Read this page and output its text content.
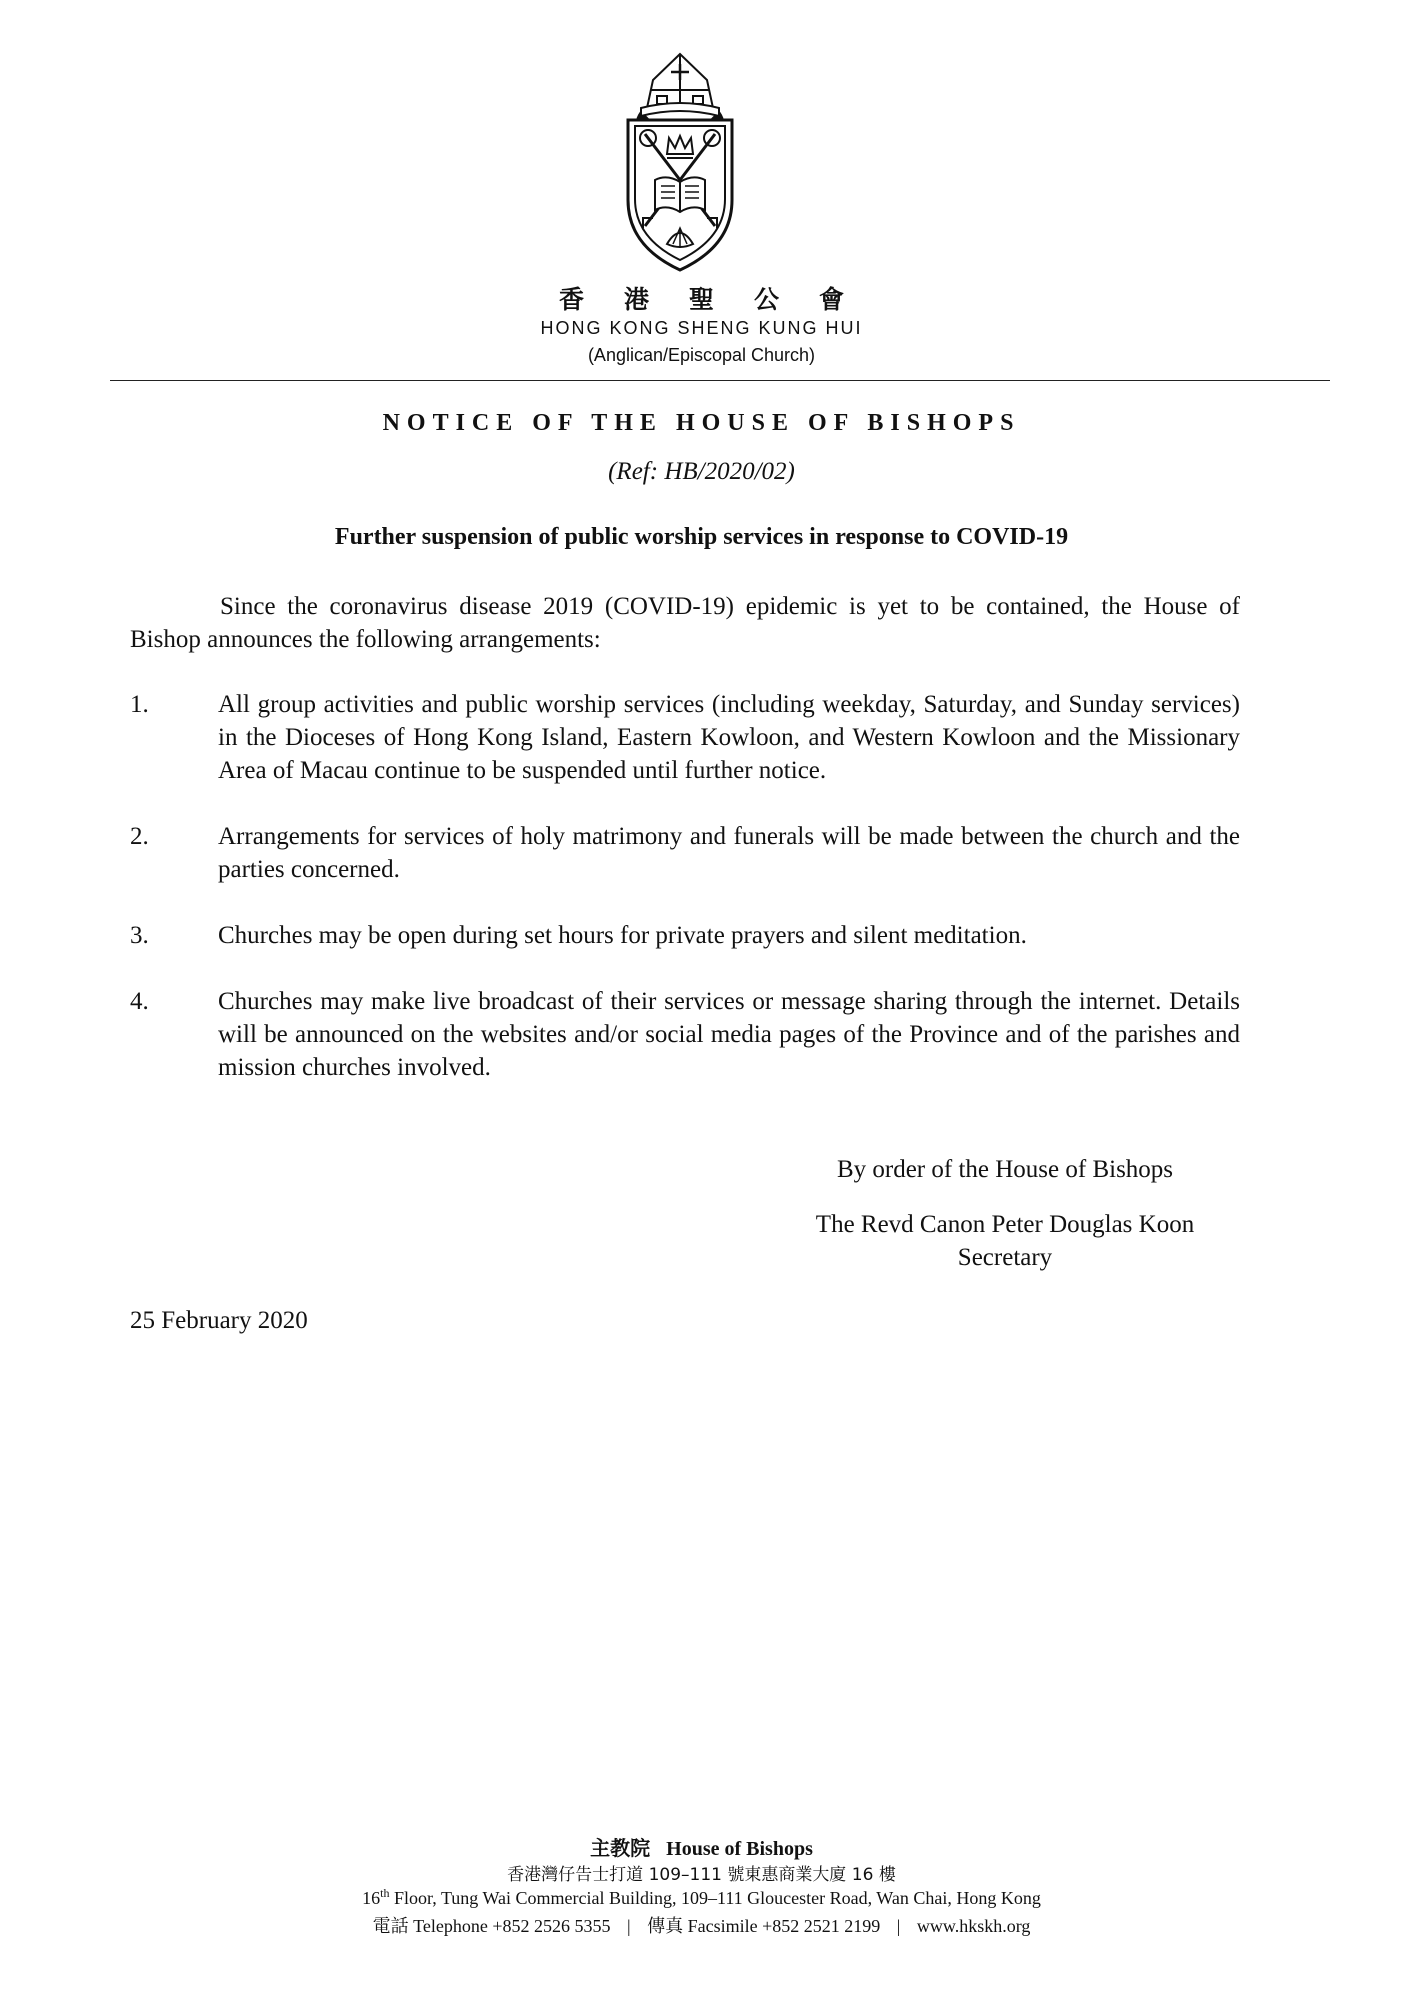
香港聖公會
HONG KONG SHENG KUNG HUI
(Anglican/Episcopal Church)
NOTICE OF THE HOUSE OF BISHOPS
(Ref: HB/2020/02)
Further suspension of public worship services in response to COVID-19
Since the coronavirus disease 2019 (COVID-19) epidemic is yet to be contained, the House of Bishop announces the following arrangements:
1.	All group activities and public worship services (including weekday, Saturday, and Sunday services) in the Dioceses of Hong Kong Island, Eastern Kowloon, and Western Kowloon and the Missionary Area of Macau continue to be suspended until further notice.
2.	Arrangements for services of holy matrimony and funerals will be made between the church and the parties concerned.
3.	Churches may be open during set hours for private prayers and silent meditation.
4.	Churches may make live broadcast of their services or message sharing through the internet. Details will be announced on the websites and/or social media pages of the Province and of the parishes and mission churches involved.
By order of the House of Bishops
The Revd Canon Peter Douglas Koon
Secretary
25 February 2020
主教院 House of Bishops
香港灣仔告士打道 109–111 號東惠商業大廈 16 樓
16th Floor, Tung Wai Commercial Building, 109–111 Gloucester Road, Wan Chai, Hong Kong
電話 Telephone +852 2526 5355 | 傳真 Facsimile +852 2521 2199 | www.hkskh.org
